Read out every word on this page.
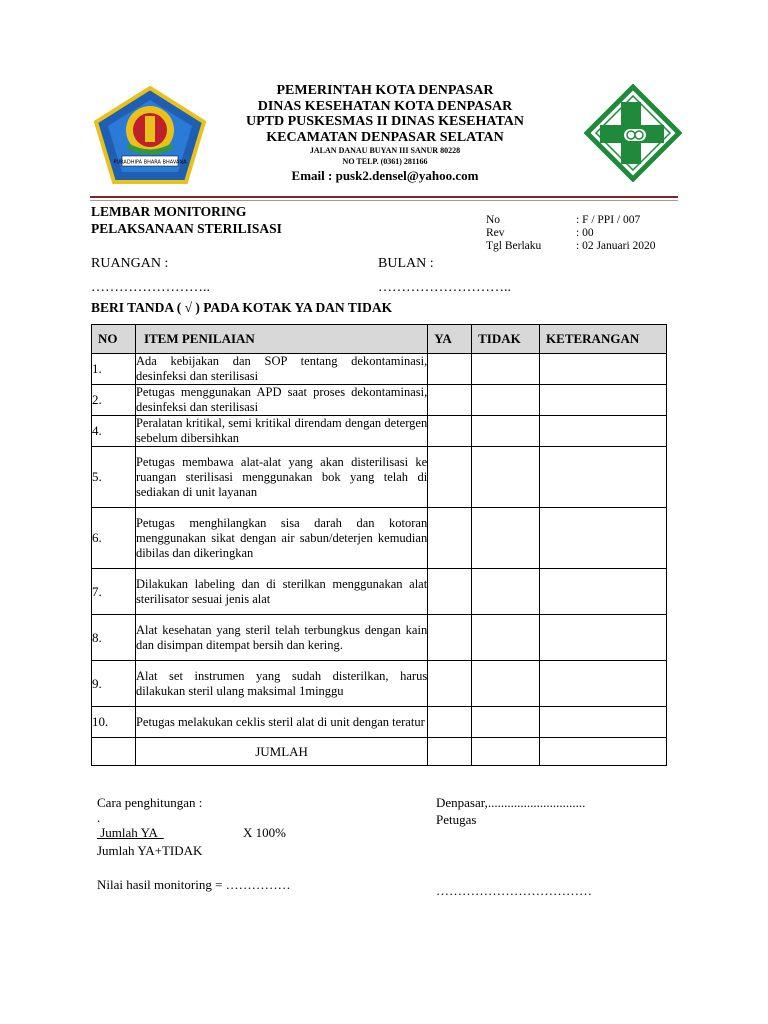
PURADHIPA BHARA BHAVANA
PEMERINTAH KOTA DENPASAR
DINAS KESEHATAN KOTA DENPASAR
UPTD PUSKESMAS II DINAS KESEHATAN
KECAMATAN DENPASAR SELATAN
JALAN DANAU BUYAN III SANUR 80228
NO TELP. (0361) 281166
Email : pusk2.densel@yahoo.com
LEMBAR MONITORING
PELAKSANAAN STERILISASI
No	: F / PPI / 007
Rev	: 00
Tgl Berlaku	: 02 Januari 2020
RUANGAN :
……………………..
BULAN :
………………………..
BERI TANDA ( √ ) PADA KOTAK YA DAN TIDAK
NO	ITEM PENILAIAN	YA	TIDAK	KETERANGAN
1.	Ada kebijakan dan SOP tentang dekontaminasi, desinfeksi dan sterilisasi			
2.	Petugas menggunakan APD saat proses dekontaminasi, desinfeksi dan sterilisasi			
4.	Peralatan kritikal, semi kritikal direndam dengan detergen sebelum dibersihkan			
5.	Petugas membawa alat-alat yang akan disterilisasi ke ruangan sterilisasi menggunakan bok yang telah di sediakan di unit layanan			
6.	Petugas menghilangkan sisa darah dan kotoran menggunakan sikat dengan air sabun/deterjen kemudian dibilas dan dikeringkan			
7.	Dilakukan labeling dan di sterilkan menggunakan alat sterilisator sesuai jenis alat			
8.	Alat kesehatan yang steril telah terbungkus dengan kain dan disimpan ditempat bersih dan kering.			
9.	Alat set instrumen yang sudah disterilkan, harus dilakukan steril ulang maksimal 1minggu			
10.	Petugas melakukan ceklis steril alat di unit dengan teratur			
	JUMLAH			
Cara penghitungan :
.
Jumlah YA	X 100%
Jumlah YA+TIDAK
Nilai hasil monitoring = ……………
Denpasar,..............................
Petugas
………………………………
